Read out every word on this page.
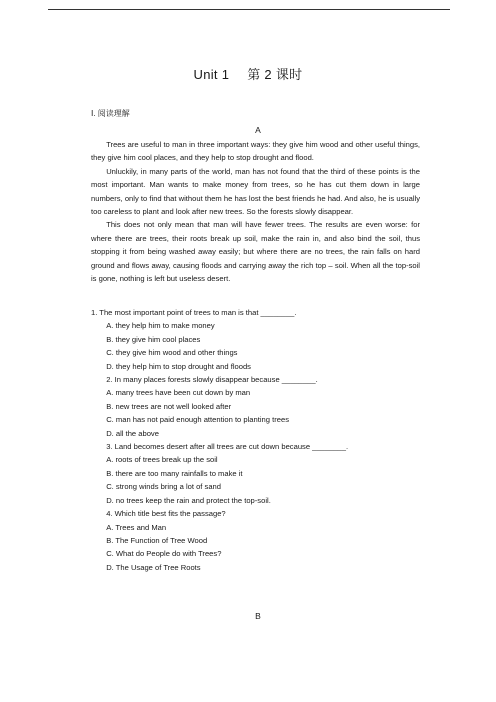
Unit 1 第 2 课时
Ⅰ. 阅读理解
A

Trees are useful to man in three important ways: they give him wood and other useful things, they give him cool places, and they help to stop drought and flood.

Unluckily, in many parts of the world, man has not found that the third of these points is the most important. Man wants to make money from trees, so he has cut them down in large numbers, only to find that without them he has lost the best friends he had. And also, he is usually too careless to plant and look after new trees. So the forests slowly disappear.

This does not only mean that man will have fewer trees. The results are even worse: for where there are trees, their roots break up soil, make the rain in, and also bind the soil, thus stopping it from being washed away easily; but where there are no trees, the rain falls on hard ground and flows away, causing floods and carrying away the rich top – soil. When all the top-soil is gone, nothing is left but useless desert.

1. The most important point of trees to man is that ________.

A. they help him to make money

B. they give him cool places

C. they give him wood and other things

D. they help him to stop drought and floods

2. In many places forests slowly disappear because ________.

A. many trees have been cut down by man

B. new trees are not well looked after

C. man has not paid enough attention to planting trees

D. all the above

3. Land becomes desert after all trees are cut down because ________.

A. roots of trees break up the soil

B. there are too many rainfalls to make it

C. strong winds bring a lot of sand

D. no trees keep the rain and protect the top-soil.

4. Which title best fits the passage?

A. Trees and Man

B. The Function of Tree Wood

C. What do People do with Trees?

D. The Usage of Tree Roots

B
